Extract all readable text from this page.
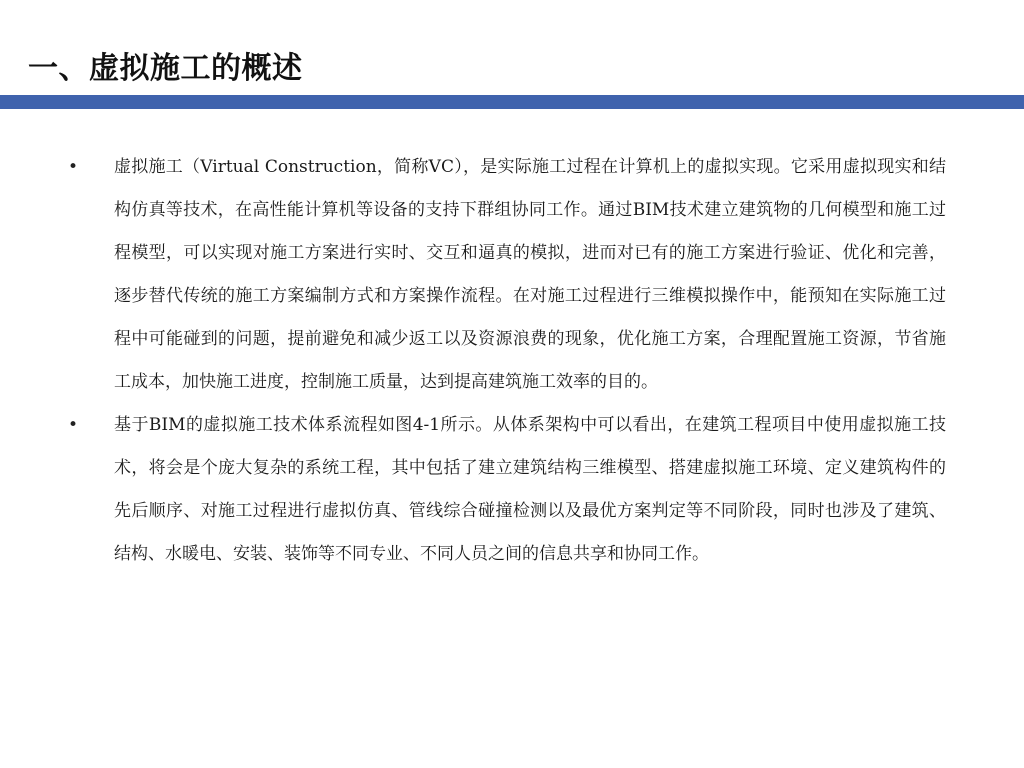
一、虚拟施工的概述
•	虚拟施工（Virtual Construction，简称VC），是实际施工过程在计算机上的虚拟实现。它采用虚拟现实和结构仿真等技术，在高性能计算机等设备的支持下群组协同工作。通过BIM技术建立建筑物的几何模型和施工过程模型，可以实现对施工方案进行实时、交互和逼真的模拟，进而对已有的施工方案进行验证、优化和完善，逐步替代传统的施工方案编制方式和方案操作流程。在对施工过程进行三维模拟操作中，能预知在实际施工过程中可能碰到的问题，提前避免和减少返工以及资源浪费的现象，优化施工方案，合理配置施工资源，节省施工成本，加快施工进度，控制施工质量，达到提高建筑施工效率的目的。

•	基于BIM的虚拟施工技术体系流程如图4-1所示。从体系架构中可以看出，在建筑工程项目中使用虚拟施工技术，将会是个庞大复杂的系统工程，其中包括了建立建筑结构三维模型、搭建虚拟施工环境、定义建筑构件的先后顺序、对施工过程进行虚拟仿真、管线综合碰撞检测以及最优方案判定等不同阶段，同时也涉及了建筑、结构、水暖电、安装、装饰等不同专业、不同人员之间的信息共享和协同工作。
